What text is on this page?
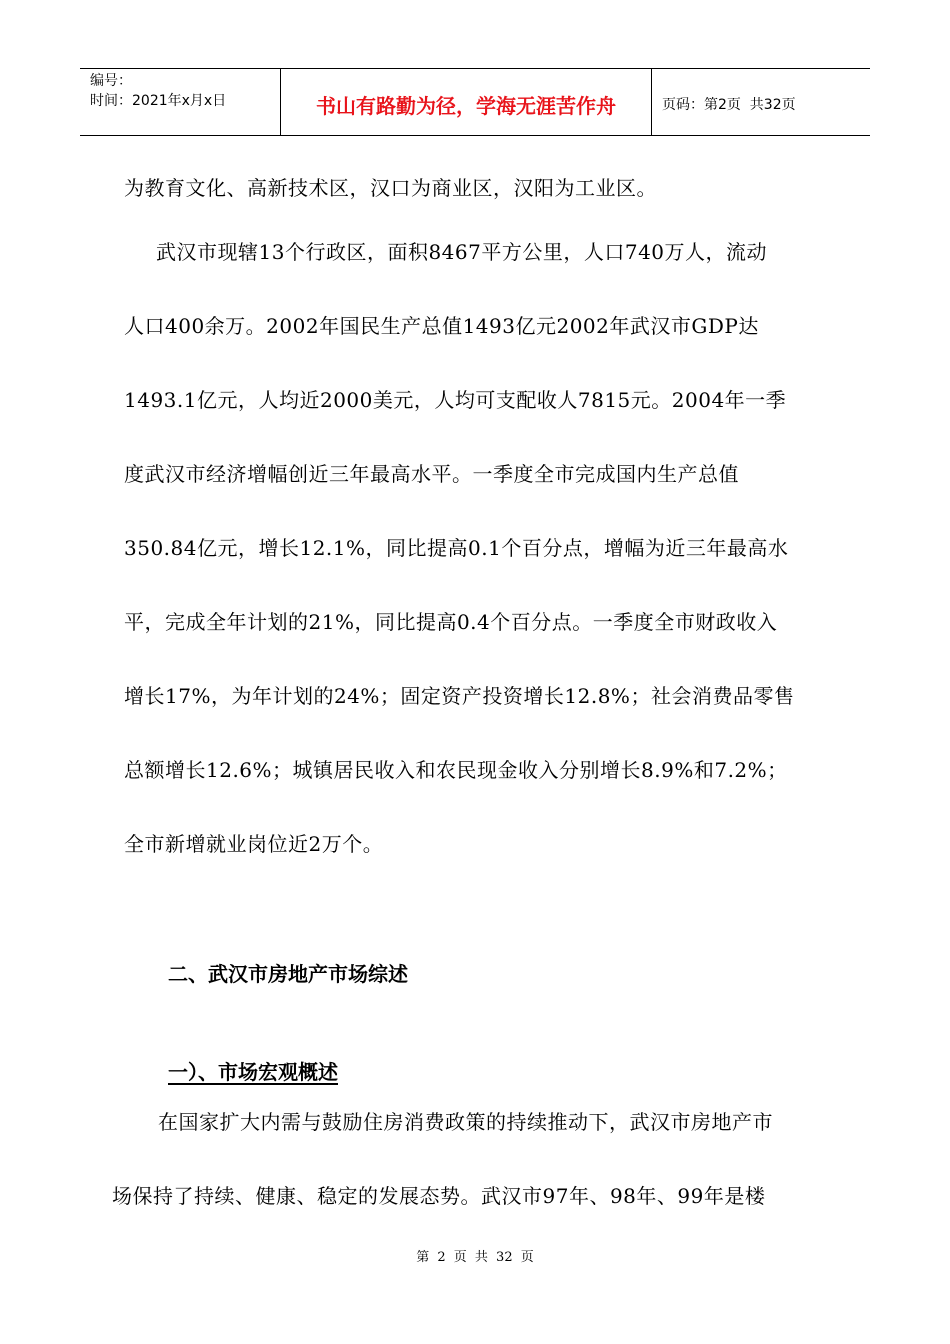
编号：
时间：2021年x月x日	书山有路勤为径，学海无涯苦作舟	页码：第2页  共32页
为教育文化、高新技术区，汉口为商业区，汉阳为工业区。
武汉市现辖13个行政区，面积8467平方公里，人口740万人，流动
人口400余万。2002年国民生产总值1493亿元2002年武汉市GDP达
1493.1亿元，人均近2000美元，人均可支配收人7815元。2004年一季
度武汉市经济增幅创近三年最高水平。一季度全市完成国内生产总值
350.84亿元，增长12.1%，同比提高0.1个百分点，增幅为近三年最高水
平，完成全年计划的21%，同比提高0.4个百分点。一季度全市财政收入
增长17%，为年计划的24%；固定资产投资增长12.8%；社会消费品零售
总额增长12.6%；城镇居民收入和农民现金收入分别增长8.9%和7.2%；
全市新增就业岗位近2万个。
二、武汉市房地产市场综述
一）、市场宏观概述
在国家扩大内需与鼓励住房消费政策的持续推动下，武汉市房地产市
场保持了持续、健康、稳定的发展态势。武汉市97年、98年、99年是楼
第 2 页 共 32 页
